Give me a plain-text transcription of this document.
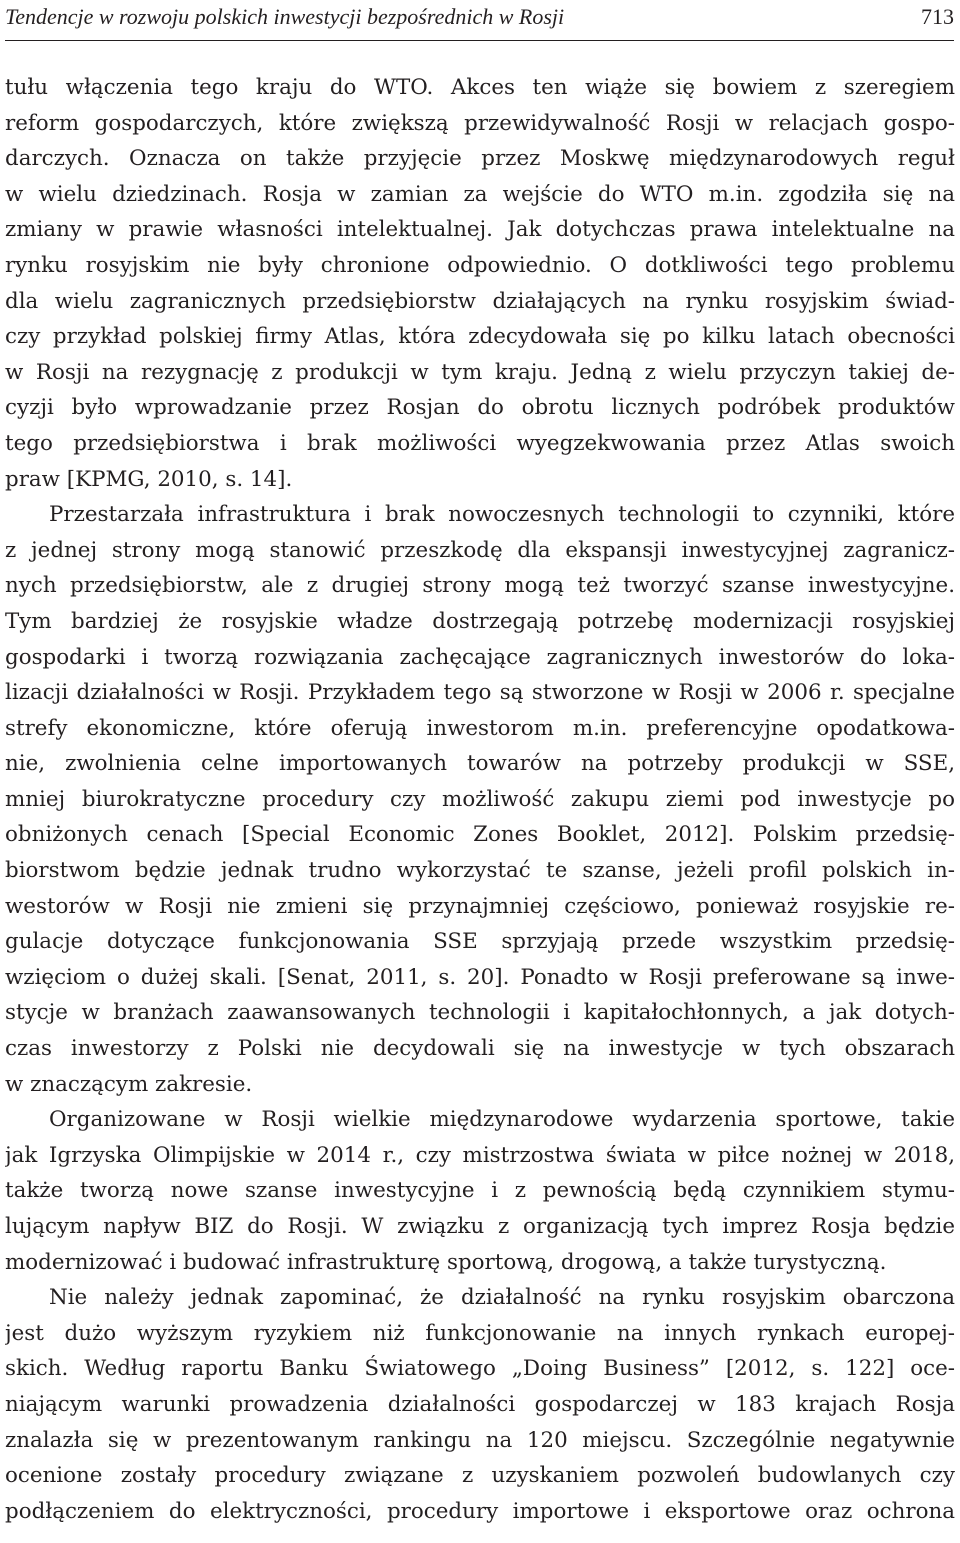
Tendencje w rozwoju polskich inwestycji bezpośrednich w Rosji	713
tułu włączenia tego kraju do WTO. Akces ten wiąże się bowiem z szeregiem
reform gospodarczych, które zwiększą przewidywalność Rosji w relacjach gospo-
darczych. Oznacza on także przyjęcie przez Moskwę międzynarodowych reguł
w wielu dziedzinach. Rosja w zamian za wejście do WTO m.in. zgodziła się na
zmiany w prawie własności intelektualnej. Jak dotychczas prawa intelektualne na
rynku rosyjskim nie były chronione odpowiednio. O dotkliwości tego problemu
dla wielu zagranicznych przedsiębiorstw działających na rynku rosyjskim świad-
czy przykład polskiej firmy Atlas, która zdecydowała się po kilku latach obecności
w Rosji na rezygnację z produkcji w tym kraju. Jedną z wielu przyczyn takiej de-
cyzji było wprowadzanie przez Rosjan do obrotu licznych podróbek produktów
tego przedsiębiorstwa i brak możliwości wyegzekwowania przez Atlas swoich
praw [KPMG, 2010, s. 14].
Przestarzała infrastruktura i brak nowoczesnych technologii to czynniki, które
z jednej strony mogą stanowić przeszkodę dla ekspansji inwestycyjnej zagranicz-
nych przedsiębiorstw, ale z drugiej strony mogą też tworzyć szanse inwestycyjne.
Tym bardziej że rosyjskie władze dostrzegają potrzebę modernizacji rosyjskiej
gospodarki i tworzą rozwiązania zachęcające zagranicznych inwestorów do loka-
lizacji działalności w Rosji. Przykładem tego są stworzone w Rosji w 2006 r. specjalne
strefy ekonomiczne, które oferują inwestorom m.in. preferencyjne opodatkowa-
nie, zwolnienia celne importowanych towarów na potrzeby produkcji w SSE,
mniej biurokratyczne procedury czy możliwość zakupu ziemi pod inwestycje po
obniżonych cenach [Special Economic Zones Booklet, 2012]. Polskim przedsię-
biorstwom będzie jednak trudno wykorzystać te szanse, jeżeli profil polskich in-
westorów w Rosji nie zmieni się przynajmniej częściowo, ponieważ rosyjskie re-
gulacje dotyczące funkcjonowania SSE sprzyjają przede wszystkim przedsię-
wzięciom o dużej skali. [Senat, 2011, s. 20]. Ponadto w Rosji preferowane są inwe-
stycje w branżach zaawansowanych technologii i kapitałochłonnych, a jak dotych-
czas inwestorzy z Polski nie decydowali się na inwestycje w tych obszarach
w znaczącym zakresie.
Organizowane w Rosji wielkie międzynarodowe wydarzenia sportowe, takie
jak Igrzyska Olimpijskie w 2014 r., czy mistrzostwa świata w piłce nożnej w 2018,
także tworzą nowe szanse inwestycyjne i z pewnością będą czynnikiem stymu-
lującym napływ BIZ do Rosji. W związku z organizacją tych imprez Rosja będzie
modernizować i budować infrastrukturę sportową, drogową, a także turystyczną.
Nie należy jednak zapominać, że działalność na rynku rosyjskim obarczona
jest dużo wyższym ryzykiem niż funkcjonowanie na innych rynkach europej-
skich. Według raportu Banku Światowego „Doing Business” [2012, s. 122] oce-
niającym warunki prowadzenia działalności gospodarczej w 183 krajach Rosja
znalazła się w prezentowanym rankingu na 120 miejscu. Szczególnie negatywnie
ocenione zostały procedury związane z uzyskaniem pozwoleń budowlanych czy
podłączeniem do elektryczności, procedury importowe i eksportowe oraz ochrona
